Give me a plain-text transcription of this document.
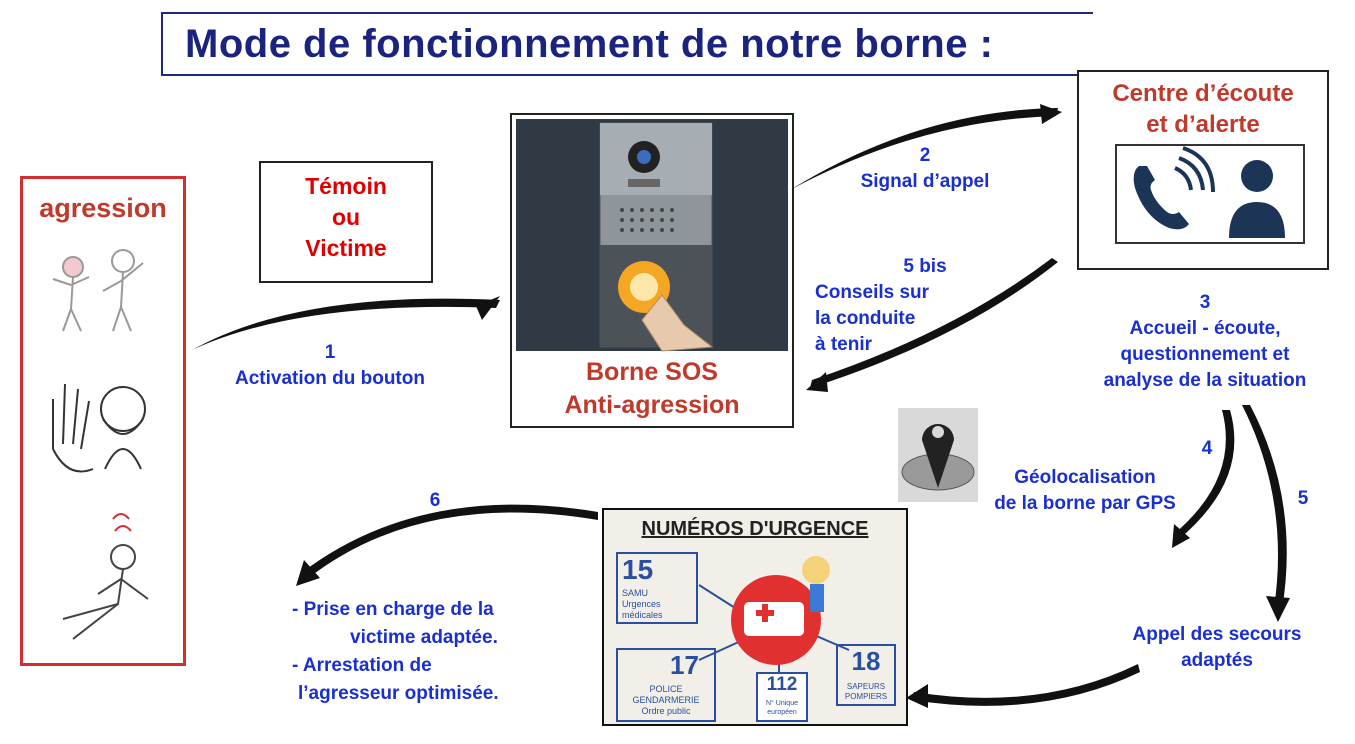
Mode de fonctionnement de notre borne :
agression
Témoin
ou
Victime
Borne SOS
Anti-agression
Centre d’écoute
et d’alerte
NUMÉROS D'URGENCE
15
SAMU
Urgences
médicales
17
POLICE
GENDARMERIE
Ordre public
112
N° Unique
européen
18
SAPEURS
POMPIERS
1
Activation du bouton
2
Signal d’appel
5 bis
Conseils sur
la conduite
à tenir
3
Accueil - écoute,
questionnement et
analyse de la situation
4
5
Géolocalisation
de la borne par GPS
Appel des secours
adaptés
6
- Prise en charge de la
victime adaptée.
- Arrestation de
l’agresseur optimisée.
